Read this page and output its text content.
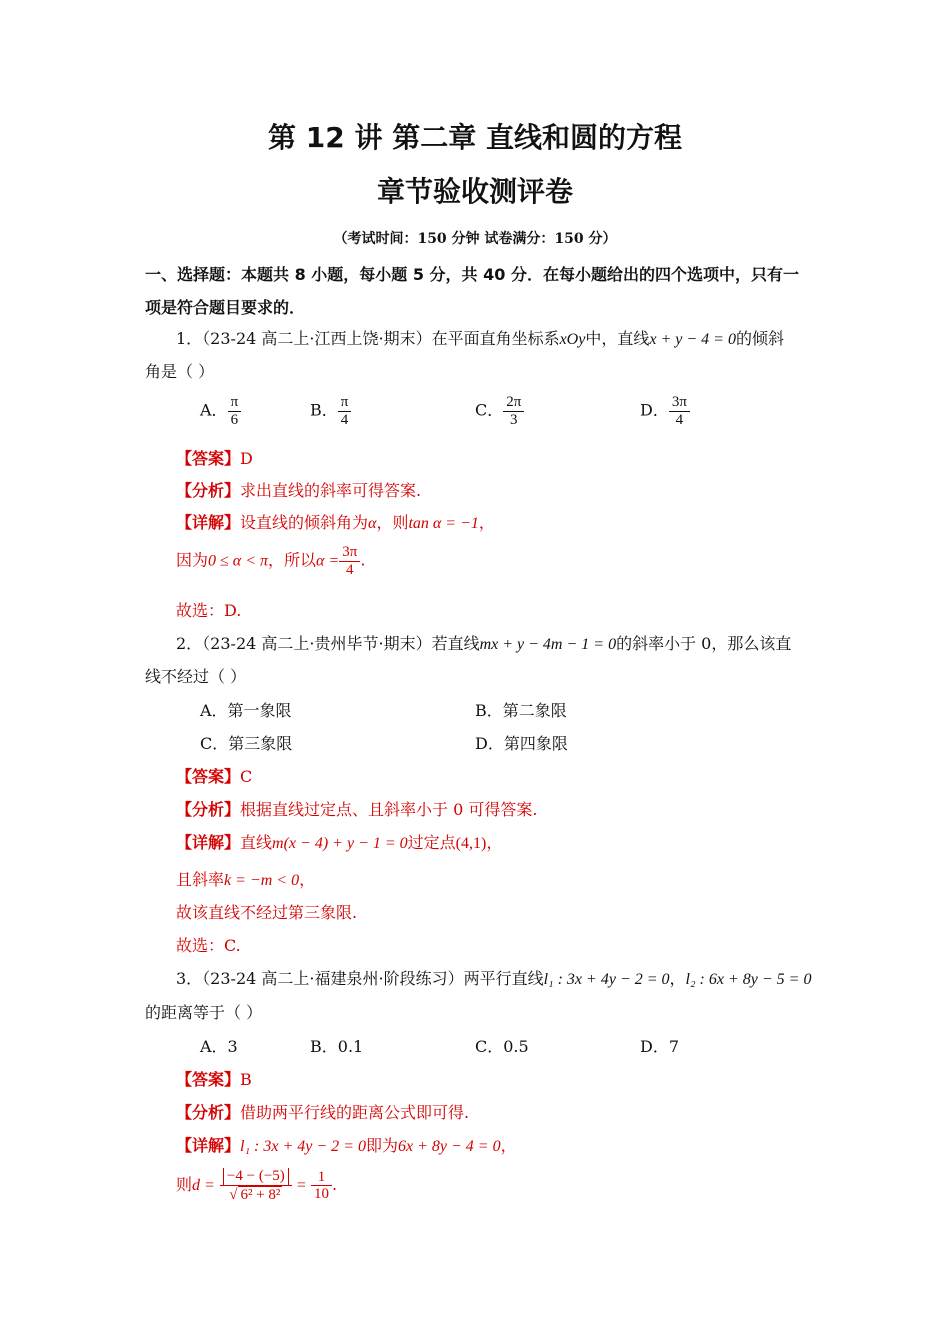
第 12 讲 第二章 直线和圆的方程
章节验收测评卷
（考试时间：150 分钟 试卷满分：150 分）
一、选择题：本题共 8 小题，每小题 5 分，共 40 分．在每小题给出的四个选项中，只有一
项是符合题目要求的．
1．（23-24 高二上·江西上饶·期末）在平面直角坐标系xOy中，直线x + y − 4 = 0的倾斜
角是（ ）
A． $\frac{\pi}{6}$	B． $\frac{\pi}{4}$	C． $\frac{2\pi}{3}$	D． $\frac{3\pi}{4}$
【答案】D
【分析】求出直线的斜率可得答案.
【详解】设直线的倾斜角为α，则tan α = −1，
因为0 ≤ α < π，所以$\alpha = \frac{3\pi}{4}$ .
故选：D.
2．（23-24 高二上·贵州毕节·期末）若直线mx + y − 4m − 1 = 0的斜率小于 0，那么该直
线不经过（ ）
A．第一象限	B．第二象限
C．第三象限	D．第四象限
【答案】C
【分析】根据直线过定点、且斜率小于 0 可得答案.
【详解】直线m(x − 4) + y − 1 = 0过定点(4,1)，
且斜率k = −m < 0，
故该直线不经过第三象限.
故选：C.
3．（23-24 高二上·福建泉州·阶段练习）两平行直线l₁ : 3x + 4y − 2 = 0，l₂ : 6x + 8y − 5 = 0
的距离等于（ ）
A．3	B．0.1	C．0.5	D．7
【答案】B
【分析】借助两平行线的距离公式即可得.
【详解】l₁ : 3x + 4y − 2 = 0即为6x + 8y − 4 = 0，
则$d = \frac{-4 - (-5)}{\text{√ 6² + 8²}} = \frac{1}{10}$ .
